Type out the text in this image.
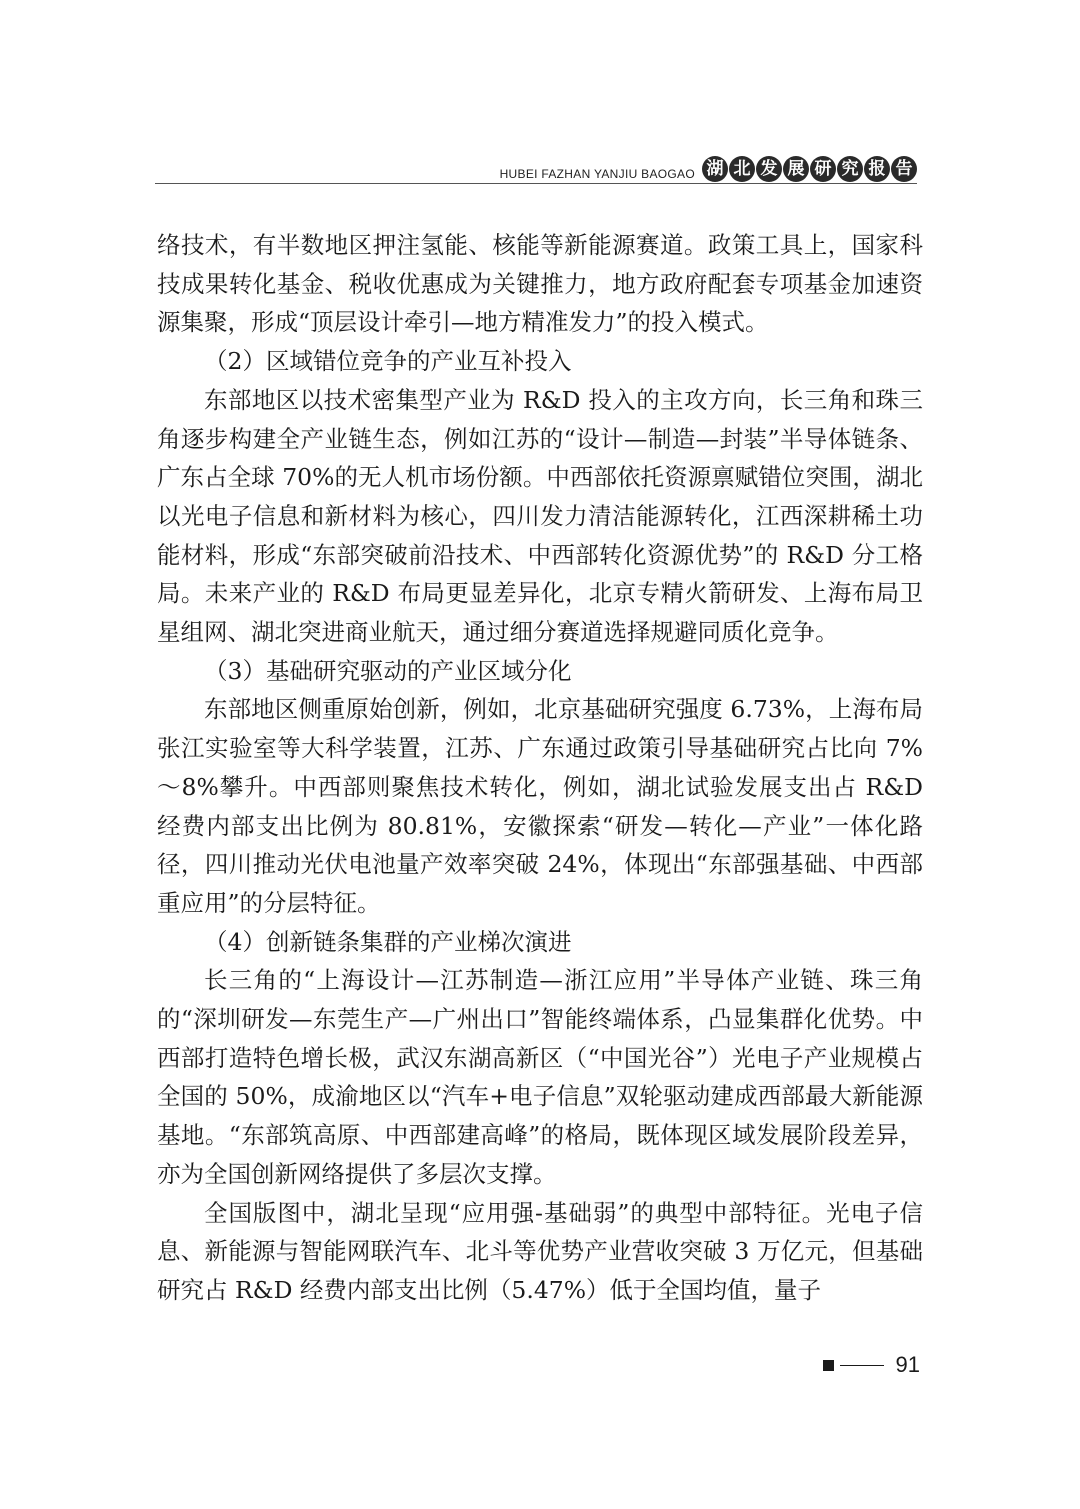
HUBEI FAZHAN YANJIU BAOGAO 湖 北 发 展 研 究 报 告

络技术，有半数地区押注氢能、核能等新能源赛道。政策工具上，国家科技成果转化基金、税收优惠成为关键推力，地方政府配套专项基金加速资源集聚，形成“顶层设计牵引—地方精准发力”的投入模式。

（2）区域错位竞争的产业互补投入

东部地区以技术密集型产业为 R&D 投入的主攻方向，长三角和珠三角逐步构建全产业链生态，例如江苏的“设计—制造—封装”半导体链条、广东占全球 70%的无人机市场份额。中西部依托资源禀赋错位突围，湖北以光电子信息和新材料为核心，四川发力清洁能源转化，江西深耕稀土功能材料，形成“东部突破前沿技术、中西部转化资源优势”的 R&D 分工格局。未来产业的 R&D 布局更显差异化，北京专精火箭研发、上海布局卫星组网、湖北突进商业航天，通过细分赛道选择规避同质化竞争。

（3）基础研究驱动的产业区域分化

东部地区侧重原始创新，例如，北京基础研究强度 6.73%，上海布局张江实验室等大科学装置，江苏、广东通过政策引导基础研究占比向 7%～8%攀升。中西部则聚焦技术转化，例如，湖北试验发展支出占 R&D 经费内部支出比例为 80.81%，安徽探索“研发—转化—产业”一体化路径，四川推动光伏电池量产效率突破 24%，体现出“东部强基础、中西部重应用”的分层特征。

（4）创新链条集群的产业梯次演进

长三角的“上海设计—江苏制造—浙江应用”半导体产业链、珠三角的“深圳研发—东莞生产—广州出口”智能终端体系，凸显集群化优势。中西部打造特色增长极，武汉东湖高新区（“中国光谷”）光电子产业规模占全国的 50%，成渝地区以“汽车+电子信息”双轮驱动建成西部最大新能源基地。“东部筑高原、中西部建高峰”的格局，既体现区域发展阶段差异，亦为全国创新网络提供了多层次支撑。

全国版图中，湖北呈现“应用强-基础弱”的典型中部特征。光电子信息、新能源与智能网联汽车、北斗等优势产业营收突破 3 万亿元，但基础研究占 R&D 经费内部支出比例（5.47%）低于全国均值，量子

91
